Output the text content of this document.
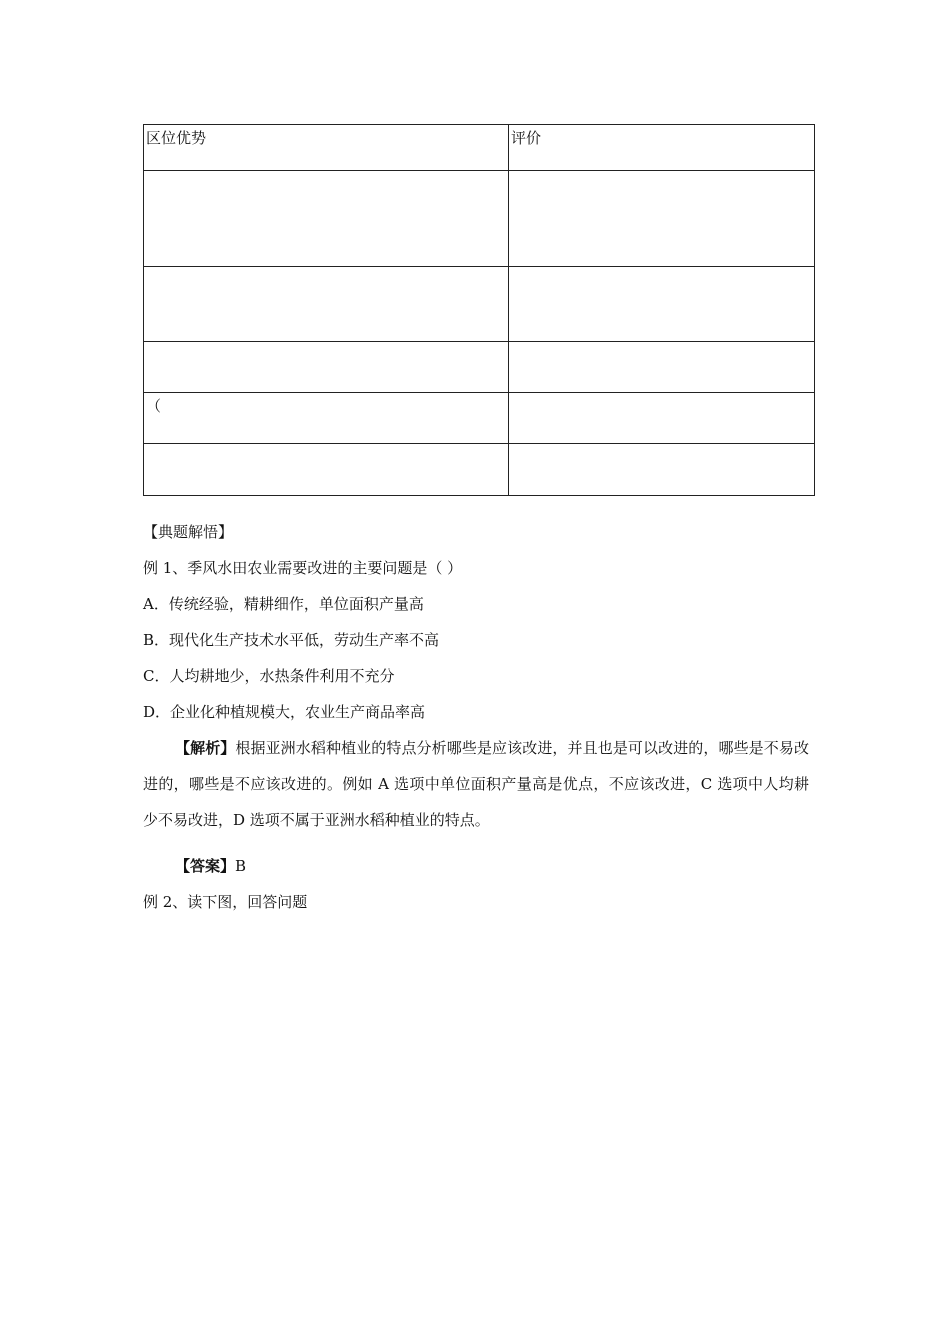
区位优势	评价

（	

【典题解悟】
例 1、季风水田农业需要改进的主要问题是（ ）
A．传统经验，精耕细作，单位面积产量高
B．现代化生产技术水平低，劳动生产率不高
C．人均耕地少，水热条件利用不充分
D．企业化种植规模大，农业生产商品率高
【解析】根据亚洲水稻种植业的特点分析哪些是应该改进，并且也是可以改进的，哪些是不易改进的，哪些是不应该改进的。例如 A 选项中单位面积产量高是优点，不应该改进，C 选项中人均耕少不易改进，D 选项不属于亚洲水稻种植业的特点。
【答案】B
例 2、读下图，回答问题
